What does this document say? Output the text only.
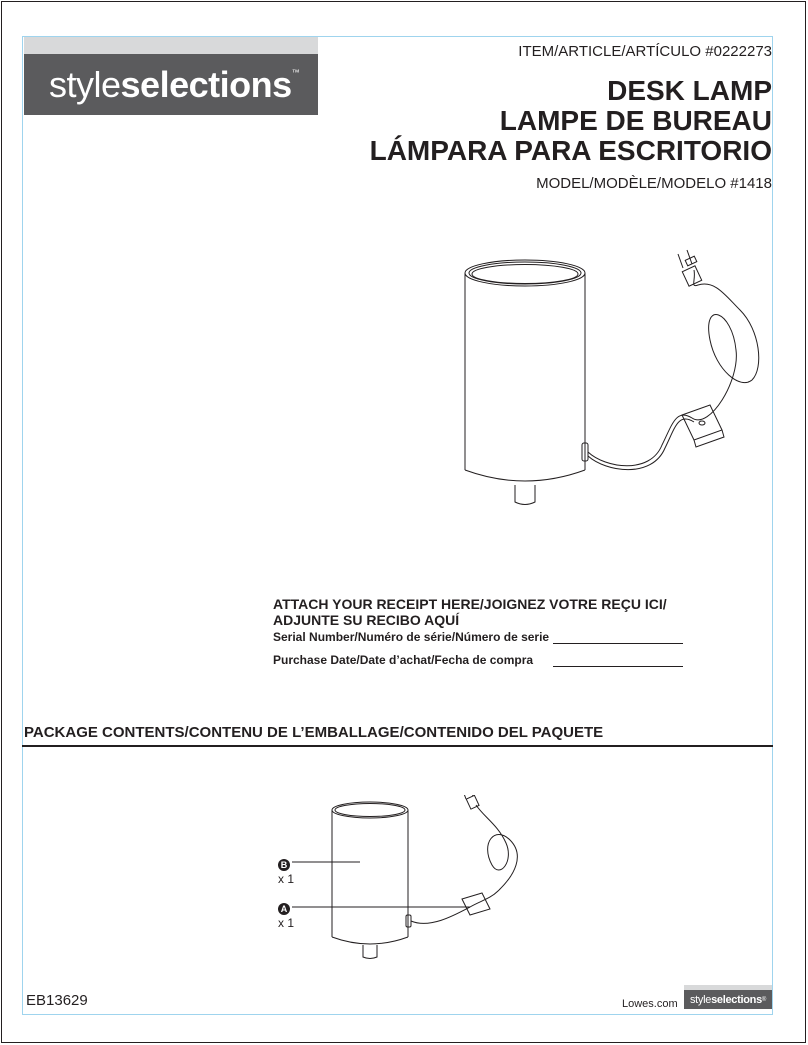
styleselections™
ITEM/ARTICLE/ARTÍCULO #0222273
DESK LAMP
LAMPE DE BUREAU
LÁMPARA PARA ESCRITORIO
MODEL/MODÈLE/MODELO #1418
ATTACH YOUR RECEIPT HERE/JOIGNEZ VOTRE REÇU ICI/
ADJUNTE SU RECIBO AQUÍ
Serial Number/Numéro de série/Número de serie
Purchase Date/Date d’achat/Fecha de compra
PACKAGE CONTENTS/CONTENU DE L’EMBALLAGE/CONTENIDO DEL PAQUETE
B
x 1
A
x 1
EB13629	Lowes.com style selections ®
